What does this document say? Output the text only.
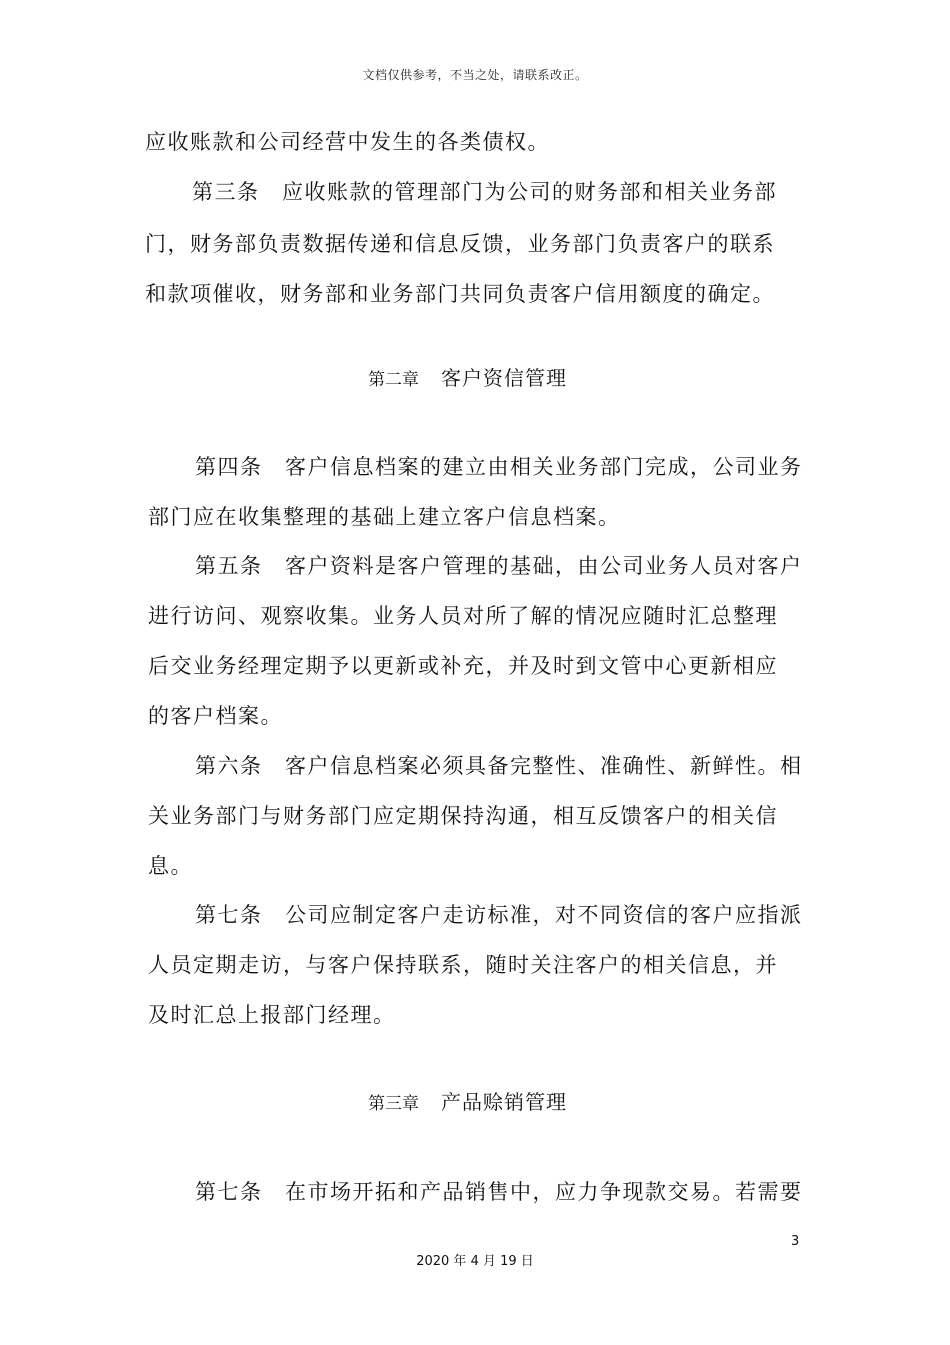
文档仅供参考，不当之处，请联系改正。
应收账款和公司经营中发生的各类债权。
第三条　应收账款的管理部门为公司的财务部和相关业务部
门，财务部负责数据传递和信息反馈，业务部门负责客户的联系
和款项催收，财务部和业务部门共同负责客户信用额度的确定。
第二章 客户资信管理
第四条　客户信息档案的建立由相关业务部门完成，公司业务
部门应在收集整理的基础上建立客户信息档案。
第五条　客户资料是客户管理的基础，由公司业务人员对客户
进行访问、观察收集。业务人员对所了解的情况应随时汇总整理
后交业务经理定期予以更新或补充，并及时到文管中心更新相应
的客户档案。
第六条　客户信息档案必须具备完整性、准确性、新鲜性。相
关业务部门与财务部门应定期保持沟通，相互反馈客户的相关信
息。
第七条　公司应制定客户走访标准，对不同资信的客户应指派
人员定期走访，与客户保持联系，随时关注客户的相关信息，并
及时汇总上报部门经理。
第三章 产品赊销管理
第七条　在市场开拓和产品销售中，应力争现款交易。若需要
3
2020 年 4 月 19 日
